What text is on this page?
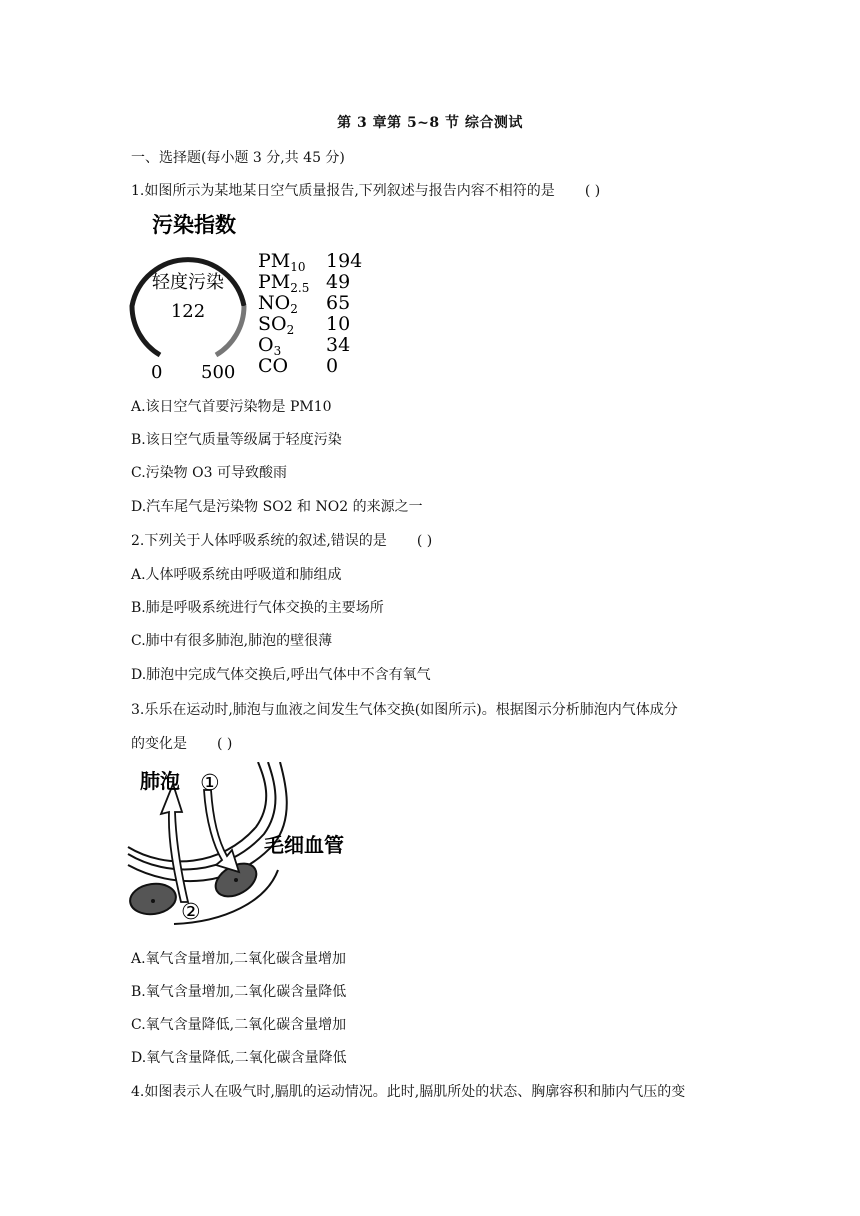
第 3 章第 5~8 节 综合测试
一、选择题(每小题 3 分,共 45 分)
1.如图所示为某地某日空气质量报告,下列叙述与报告内容不相符的是 ( )
污染指数
轻度污染
122
0 500
$PM_{10}$ 194
$PM_{2.5}$ 49
$NO_2$ 65
$SO_2$ 10
$O_3$ 34
CO 0
A.该日空气首要污染物是 PM10
B.该日空气质量等级属于轻度污染
C.污染物 O3 可导致酸雨
D.汽车尾气是污染物 SO2 和 NO2 的来源之一
2.下列关于人体呼吸系统的叙述,错误的是 ( )
A.人体呼吸系统由呼吸道和肺组成
B.肺是呼吸系统进行气体交换的主要场所
C.肺中有很多肺泡,肺泡的壁很薄
D.肺泡中完成气体交换后,呼出气体中不含有氧气
3.乐乐在运动时,肺泡与血液之间发生气体交换(如图所示)。根据图示分析肺泡内气体成分
的变化是 ( )
肺泡 ①
毛细血管
②
A.氧气含量增加,二氧化碳含量增加
B.氧气含量增加,二氧化碳含量降低
C.氧气含量降低,二氧化碳含量增加
D.氧气含量降低,二氧化碳含量降低
4.如图表示人在吸气时,膈肌的运动情况。此时,膈肌所处的状态、胸廓容积和肺内气压的变
